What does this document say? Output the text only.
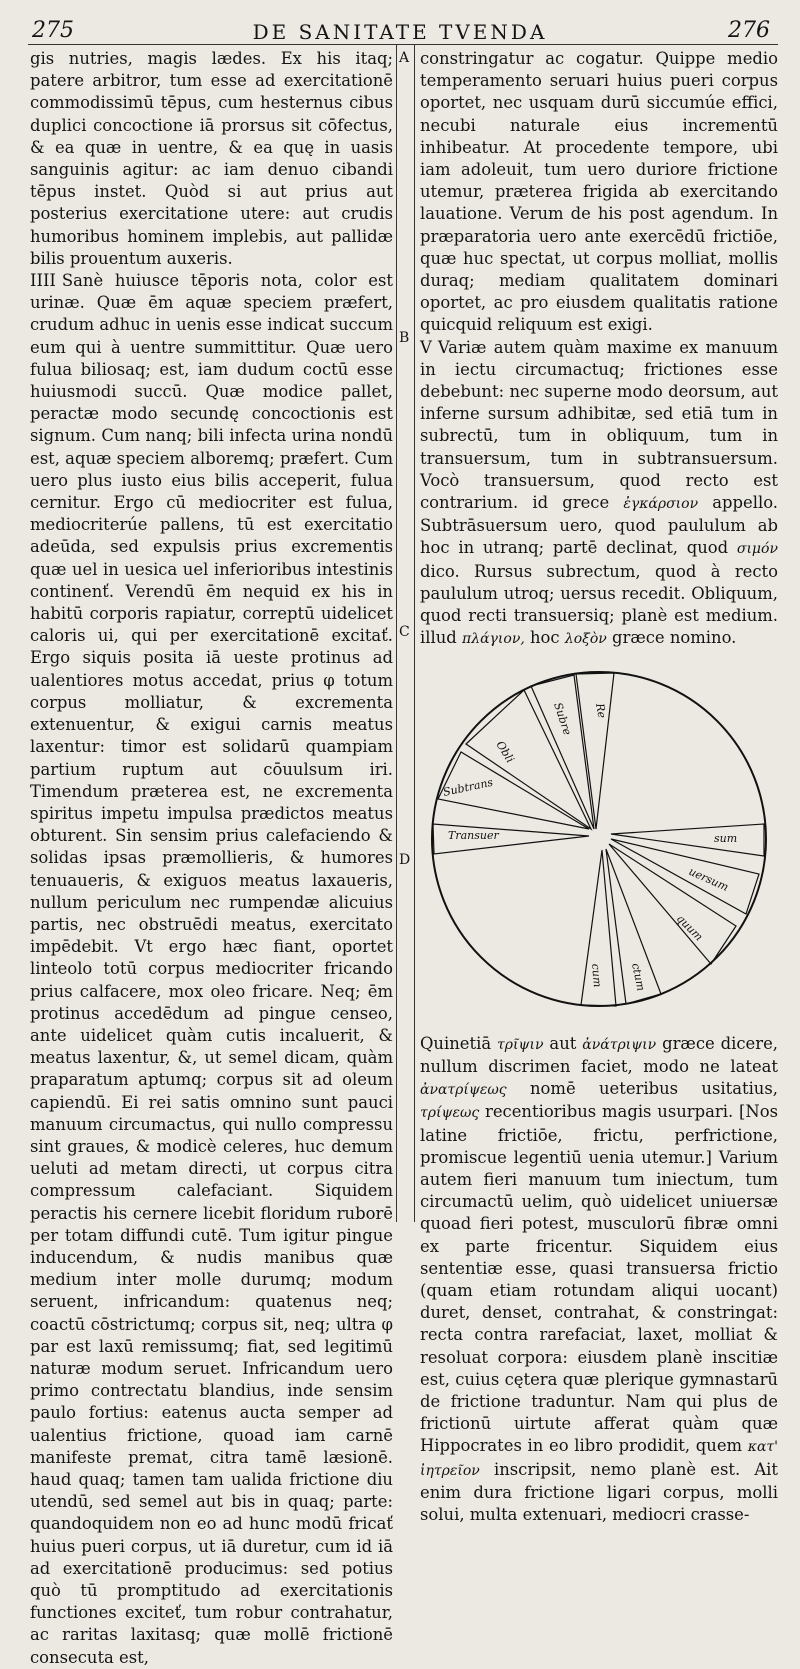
275	DE SANITATE TVENDA	276
A
B
C
D

gis nutries, magis lædes. Ex his itaq; patere arbitror, tum esse ad exercitationē commodissimū tēpus, cum hesternus cibus duplici concoctione iā prorsus sit cōfectus, & ea quæ in uentre, & ea quę in uasis sanguinis agitur: ac iam denuo cibandi tēpus instet. Quòd si aut prius aut posterius exercitatione utere: aut crudis humoribus hominem implebis, aut pallidæ bilis prouentum auxeris.

IIII Sanè huiusce tēporis nota, color est urinæ. Quæ ēm aquæ speciem præfert, crudum adhuc in uenis esse indicat succum eum qui à uentre summittitur. Quæ uero fulua biliosaq; est, iam dudum coctū esse huiusmodi succū. Quæ modice pallet, peractæ modo secundę concoctionis est signum. Cum nanq; bili infecta urina nondū est, aquæ speciem alboremq; præfert. Cum uero plus iusto eius bilis acceperit, fulua cernitur. Ergo cū mediocriter est fulua, mediocriterúe pallens, tū est exercitatio adeūda, sed expulsis prius excrementis quæ uel in uesica uel inferioribus intestinis continenť. Verendū ēm nequid ex his in habitū corporis rapiatur, correptū uidelicet caloris ui, qui per exercitationē excitať. Ergo siquis posita iā ueste protinus ad ualentiores motus accedat, prius φ totum corpus molliatur, & excrementa extenuentur, & exigui carnis meatus laxentur: timor est solidarū quampiam partium ruptum aut cōuulsum iri. Timendum præterea est, ne excrementa spiritus impetu impulsa prædictos meatus obturent. Sin sensim prius calefaciendo & solidas ipsas præmollieris, & humores tenuaueris, & exiguos meatus laxaueris, nullum periculum nec rumpendæ alicuius partis, nec obstruēdi meatus, exercitato impēdebit. Vt ergo hæc fiant, oportet linteolo totū corpus mediocriter fricando prius calfacere, mox oleo fricare. Neq; ēm protinus accedēdum ad pingue censeo, ante uidelicet quàm cutis incaluerit, & meatus laxentur, &, ut semel dicam, quàm praparatum aptumq; corpus sit ad oleum capiendū. Ei rei satis omnino sunt pauci manuum circumactus, qui nullo compressu sint graues, & modicè celeres, huc demum ueluti ad metam directi, ut corpus citra compressum calefaciant. Siquidem peractis his cernere licebit floridum ruborē per totam diffundi cutē. Tum igitur pingue inducendum, & nudis manibus quæ medium inter molle durumq; modum seruent, infricandum: quatenus neq; coactū cōstrictumq; corpus sit, neq; ultra φ par est laxū remissumq; fiat, sed legitimū naturæ modum seruet. Infricandum uero primo contrectatu blandius, inde sensim paulo fortius: eatenus aucta semper ad ualentius frictione, quoad iam carnē manifeste premat, citra tamē læsionē. haud quaq; tamen tam ualida frictione diu utendū, sed semel aut bis in quaq; parte: quandoquidem non eo ad hunc modū fricať huius pueri corpus, ut iā duretur, cum id iā ad exercitationē producimus: sed potius quò tū promptitudo ad exercitationis functiones exciteť, tum robur contrahatur, ac raritas laxitasq; quæ mollē frictionē consecuta est,

constringatur ac cogatur. Quippe medio temperamento seruari huius pueri corpus oportet, nec usquam durū siccumúe effici, necubi naturale eius incrementū inhibeatur. At procedente tempore, ubi iam adoleuit, tum uero duriore frictione utemur, præterea frigida ab exercitando lauatione. Verum de his post agendum. In præparatoria uero ante exercēdū frictiōe, quæ huc spectat, ut corpus molliat, mollis duraq; mediam qualitatem dominari oportet, ac pro eiusdem qualitatis ratione quicquid reliquum est exigi.

V Variæ autem quàm maxime ex manuum in iectu circumactuq; frictiones esse debebunt: nec superne modo deorsum, aut inferne sursum adhibitæ, sed etiā tum in subrectū, tum in obliquum, tum in transuersum, tum in subtransuersum. Vocò transuersum, quod recto est contrarium. id grece ἐγκάρσιον appello. Subtrāsuersum uero, quod paululum ab hoc in utranq; partē declinat, quod σιμόν dico. Rursus subrectum, quod à recto paululum utroq; uersus recedit. Obliquum, quod recti transuersiq; planè est medium. illud πλάγιον, hoc λοξὸν græce nomino.

Re
Subre
Obli
Subtrans
Transuer	sum
uersum
quum
ctum
cum

Quinetiā τρῖψιν aut ἀνάτριψιν græce dicere, nullum discrimen faciet, modo ne lateat ἀνατρίψεως nomē ueteribus usitatius, τρίψεως recentioribus magis usurpari. [Nos latine frictiōe, frictu, perfrictione, promiscue legentiū uenia utemur.] Varium autem fieri manuum tum iniectum, tum circumactū uelim, quò uidelicet uniuersæ quoad fieri potest, musculorū fibræ omni ex parte fricentur. Siquidem eius sententiæ esse, quasi transuersa frictio (quam etiam rotundam aliqui uocant) duret, denset, contrahat, & constringat: recta contra rarefaciat, laxet, molliat & resoluat corpora: eiusdem planè inscitiæ est, cuius cętera quæ plerique gymnastarū de frictione traduntur. Nam qui plus de frictionū uirtute afferat quàm quæ Hippocrates in eo libro prodidit, quem κατ' ἰητρεῖον inscripsit, nemo planè est. Ait enim dura frictione ligari corpus, molli solui, multa extenuari, mediocri crasse-
